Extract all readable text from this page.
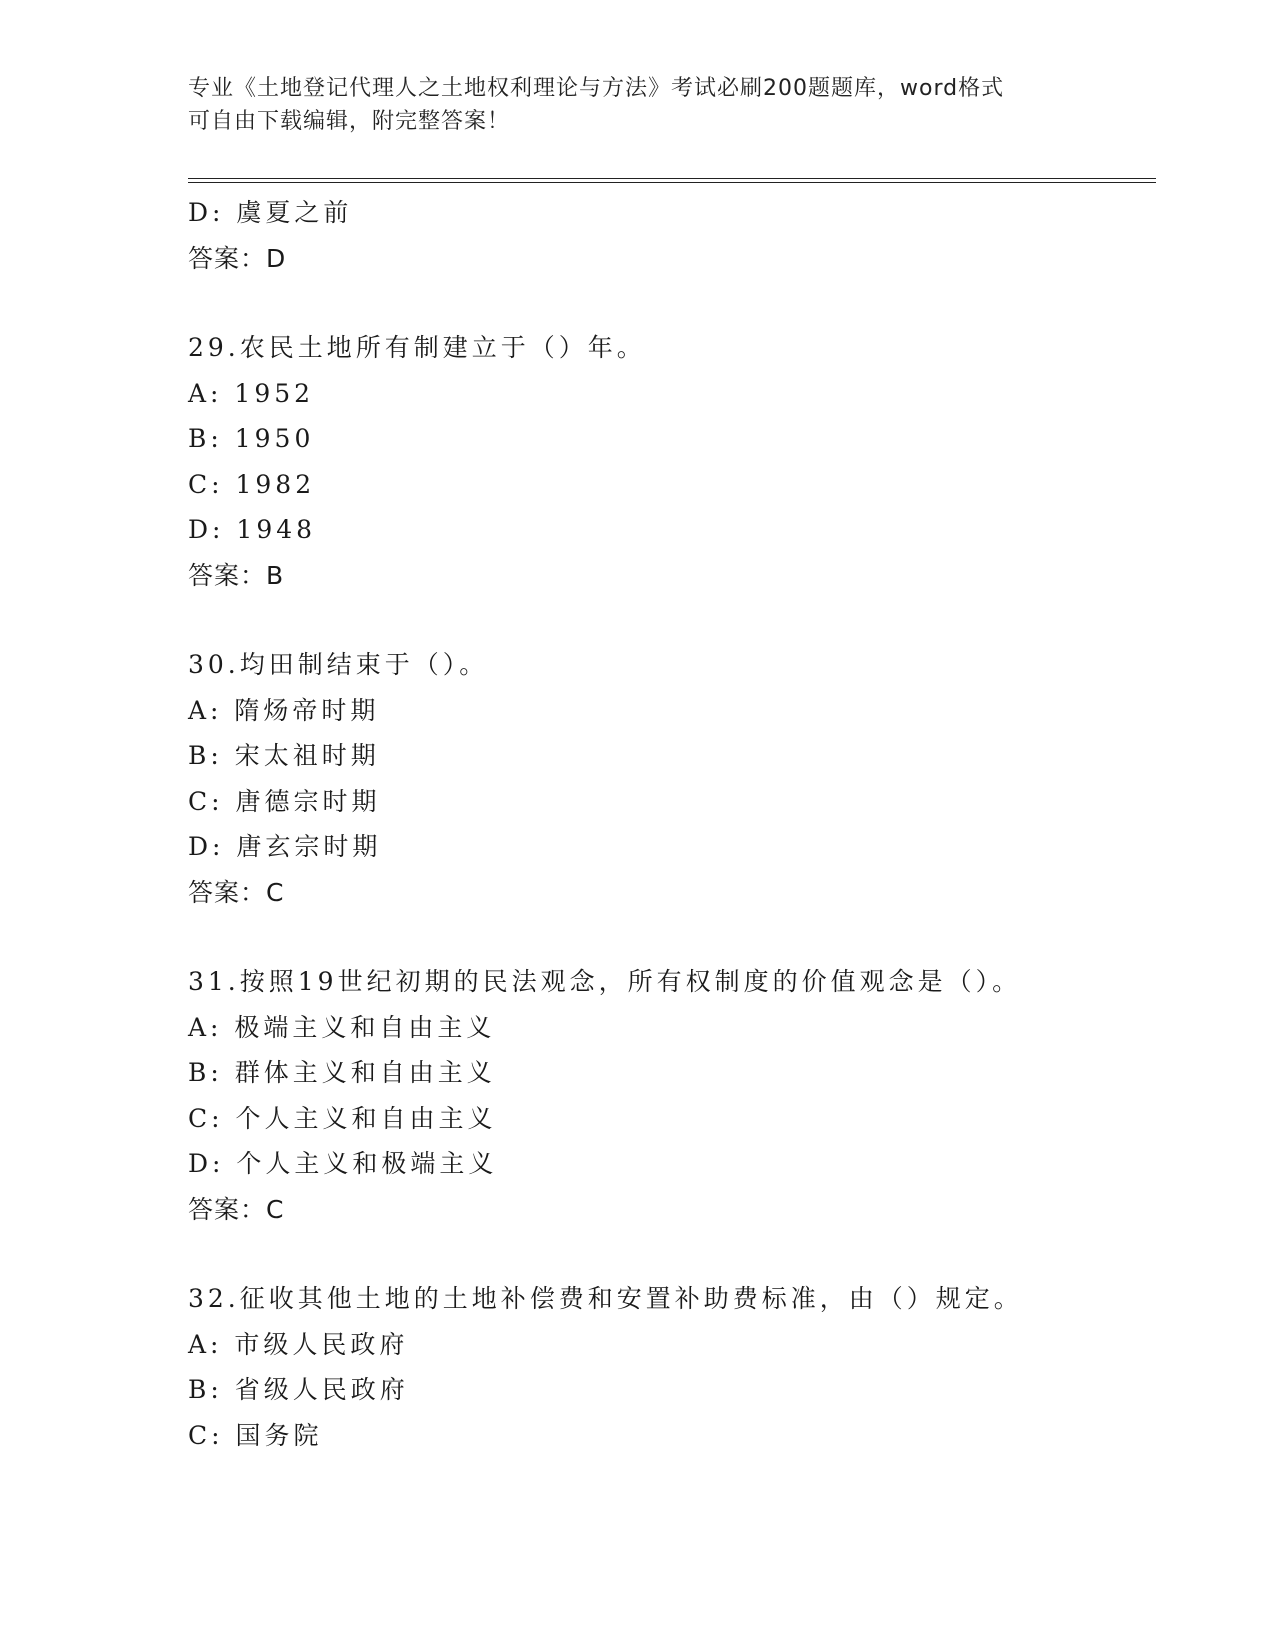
专业《土地登记代理人之土地权利理论与方法》考试必刷200题题库，word格式
可自由下载编辑，附完整答案！
D: 虞夏之前
答案：D
29.农民土地所有制建立于（）年。
A: 1952
B: 1950
C: 1982
D: 1948
答案：B
30.均田制结束于（）。
A: 隋炀帝时期
B: 宋太祖时期
C: 唐德宗时期
D: 唐玄宗时期
答案：C
31.按照19世纪初期的民法观念，所有权制度的价值观念是（）。
A: 极端主义和自由主义
B: 群体主义和自由主义
C: 个人主义和自由主义
D: 个人主义和极端主义
答案：C
32.征收其他土地的土地补偿费和安置补助费标准，由（）规定。
A: 市级人民政府
B: 省级人民政府
C: 国务院
